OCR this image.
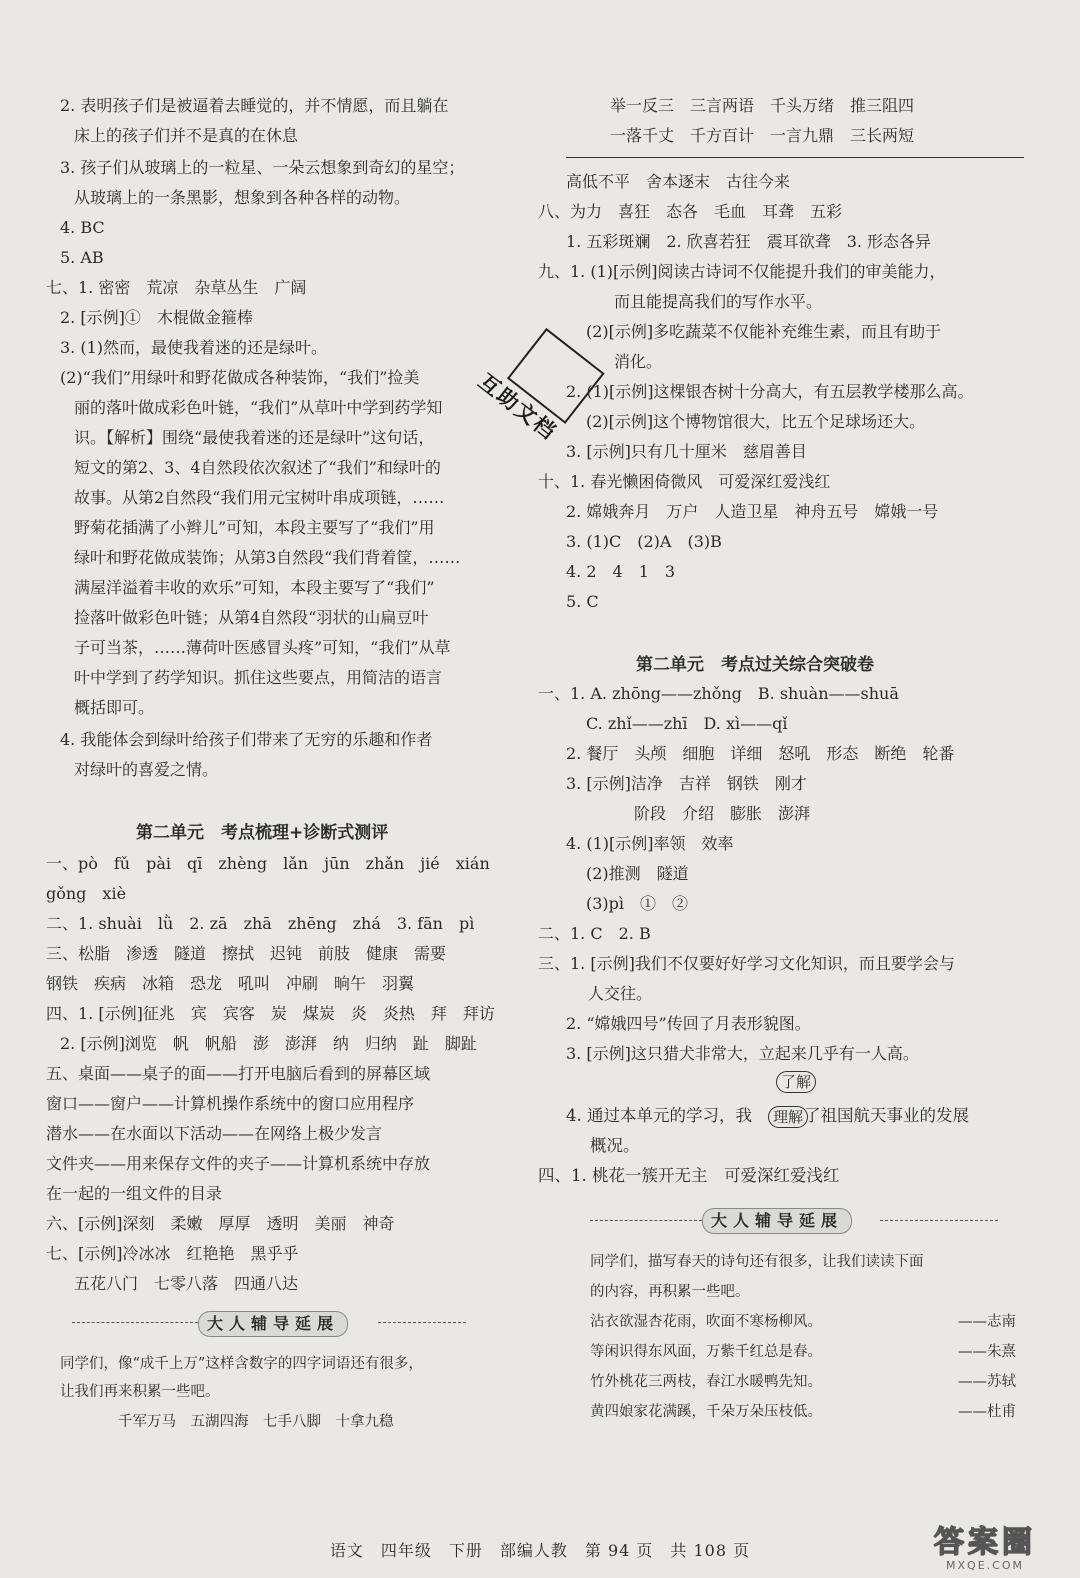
第二单元　考点梳理+诊断式测评
大人辅导延展
第二单元　考点过关综合突破卷
4. 通过本单元的学习，我	了祖国航天事业的发展
理解
了解
概况。
四、1. 桃花一簇开无主　可爱深红爱浅红
大人辅导延展
同学们，描写春天的诗句还有很多，让我们读读下面
的内容，再积累一些吧。
沾衣欲湿杏花雨，吹面不寒杨柳风。	——志南
等闲识得东风面，万紫千红总是春。	——朱熹
竹外桃花三两枝，春江水暖鸭先知。	——苏轼
黄四娘家花满蹊，千朵万朵压枝低。	——杜甫
互助文档
语文　四年级　下册　部编人教　第 94 页　共 108 页	答案圈
MXQE.COM
2. 表明孩子们是被逼着去睡觉的，并不情愿，而且躺在
床上的孩子们并不是真的在休息
3. 孩子们从玻璃上的一粒星、一朵云想象到奇幻的星空；
从玻璃上的一条黑影，想象到各种各样的动物。
4. BC
5. AB
七、1. 密密　荒凉　杂草丛生　广阔
2. [示例]①　木棍做金箍棒
3. (1)然而，最使我着迷的还是绿叶。
(2)“我们”用绿叶和野花做成各种装饰，“我们”捡美
丽的落叶做成彩色叶链，“我们”从草叶中学到药学知
识。【解析】围绕“最使我着迷的还是绿叶”这句话，
短文的第2、3、4自然段依次叙述了“我们”和绿叶的
故事。从第2自然段“我们用元宝树叶串成项链，……
野菊花插满了小辫儿”可知，本段主要写了“我们”用
绿叶和野花做成装饰；从第3自然段“我们背着筐，……
满屋洋溢着丰收的欢乐”可知，本段主要写了“我们”
捡落叶做彩色叶链；从第4自然段“羽状的山扁豆叶
子可当茶，……薄荷叶医感冒头疼”可知，“我们”从草
叶中学到了药学知识。抓住这些要点，用简洁的语言
概括即可。
4. 我能体会到绿叶给孩子们带来了无穷的乐趣和作者
对绿叶的喜爱之情。
一、pò　fǔ　pài　qī　zhèng　lǎn　jūn　zhǎn　jié　xián
gǒng　xiè
二、1. shuài　lǜ　2. zā　zhā　zhēng　zhá　3. fān　pì
三、松脂　渗透　隧道　擦拭　迟钝　前肢　健康　需要
钢铁　疾病　冰箱　恐龙　吼叫　冲刷　晌午　羽翼
四、1. [示例]征兆　宾　宾客　炭　煤炭　炎　炎热　拜　拜访
2. [示例]浏览　帆　帆船　澎　澎湃　纳　归纳　趾　脚趾
五、桌面——桌子的面——打开电脑后看到的屏幕区域
窗口——窗户——计算机操作系统中的窗口应用程序
潜水——在水面以下活动——在网络上极少发言
文件夹——用来保存文件的夹子——计算机系统中存放
在一起的一组文件的目录
六、[示例]深刻　柔嫩　厚厚　透明　美丽　神奇
七、[示例]冷冰冰　红艳艳　黑乎乎
五花八门　七零八落　四通八达
同学们，像“成千上万”这样含数字的四字词语还有很多，
让我们再来积累一些吧。
千军万马　五湖四海　七手八脚　十拿九稳
举一反三　三言两语　千头万绪　推三阻四
一落千丈　千方百计　一言九鼎　三长两短
高低不平　舍本逐末　古往今来
八、为力　喜狂　态各　毛血　耳聋　五彩
1. 五彩斑斓　2. 欣喜若狂　震耳欲聋　3. 形态各异
九、1. (1)[示例]阅读古诗词不仅能提升我们的审美能力，
而且能提高我们的写作水平。
(2)[示例]多吃蔬菜不仅能补充维生素，而且有助于
消化。
2. (1)[示例]这棵银杏树十分高大，有五层教学楼那么高。
(2)[示例]这个博物馆很大，比五个足球场还大。
3. [示例]只有几十厘米　慈眉善目
十、1. 春光懒困倚微风　可爱深红爱浅红
2. 嫦娥奔月　万户　人造卫星　神舟五号　嫦娥一号
3. (1)C　(2)A　(3)B
4. 2　4　1　3
5. C
一、1. A. zhōng——zhǒng　B. shuàn——shuā
C. zhǐ——zhī　D. xì——qǐ
2. 餐厅　头颅　细胞　详细　怒吼　形态　断绝　轮番
3. [示例]洁净　吉祥　钢铁　刚才
阶段　介绍　膨胀　澎湃
4. (1)[示例]率领　效率
(2)推测　隧道
(3)pì　①　②
二、1. C　2. B
三、1. [示例]我们不仅要好好学习文化知识，而且要学会与
人交往。
2. “嫦娥四号”传回了月表形貌图。
3. [示例]这只猎犬非常大，立起来几乎有一人高。
